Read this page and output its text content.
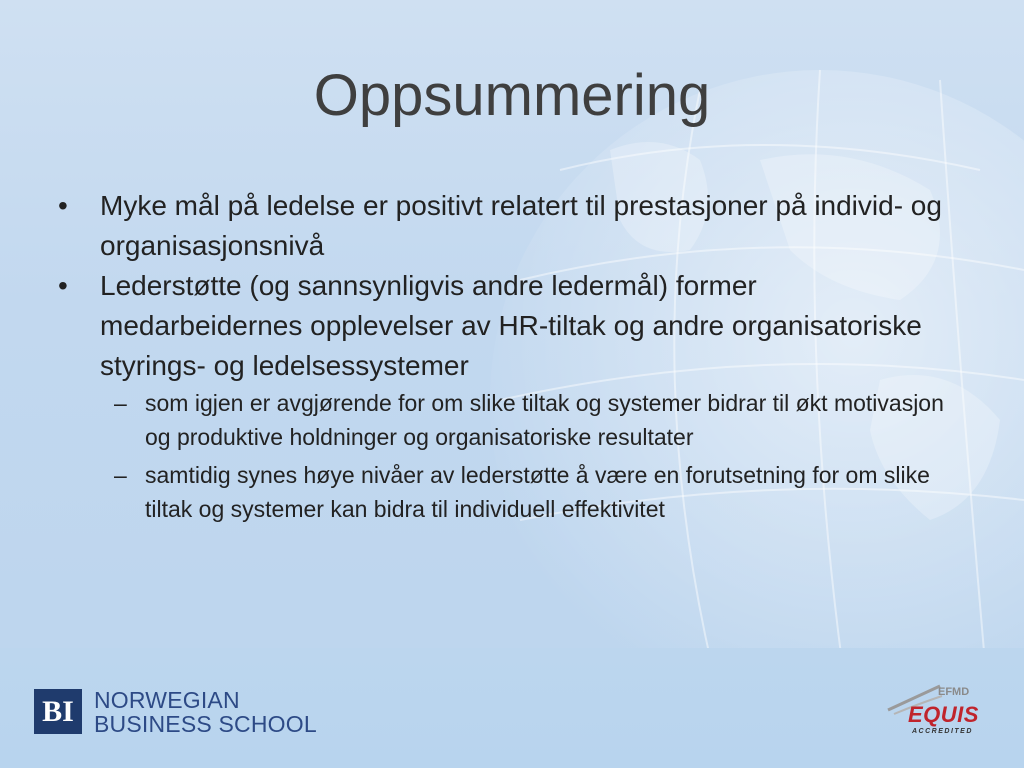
Oppsummering

• Myke mål på ledelse er positivt relatert til prestasjoner på individ- og organisasjonsnivå

• Lederstøtte (og sannsynligvis andre ledermål) former medarbeidernes opplevelser av HR-tiltak og andre organisatoriske styrings- og ledelsessystemer

– som igjen er avgjørende for om slike tiltak og systemer bidrar til økt motivasjon og produktive holdninger og organisatoriske resultater

– samtidig synes høye nivåer av lederstøtte å være en forutsetning for om slike tiltak og systemer kan bidra til individuell effektivitet

BI NORWEGIAN
BUSINESS SCHOOL
EFMD
EQUIS
ACCREDITED
